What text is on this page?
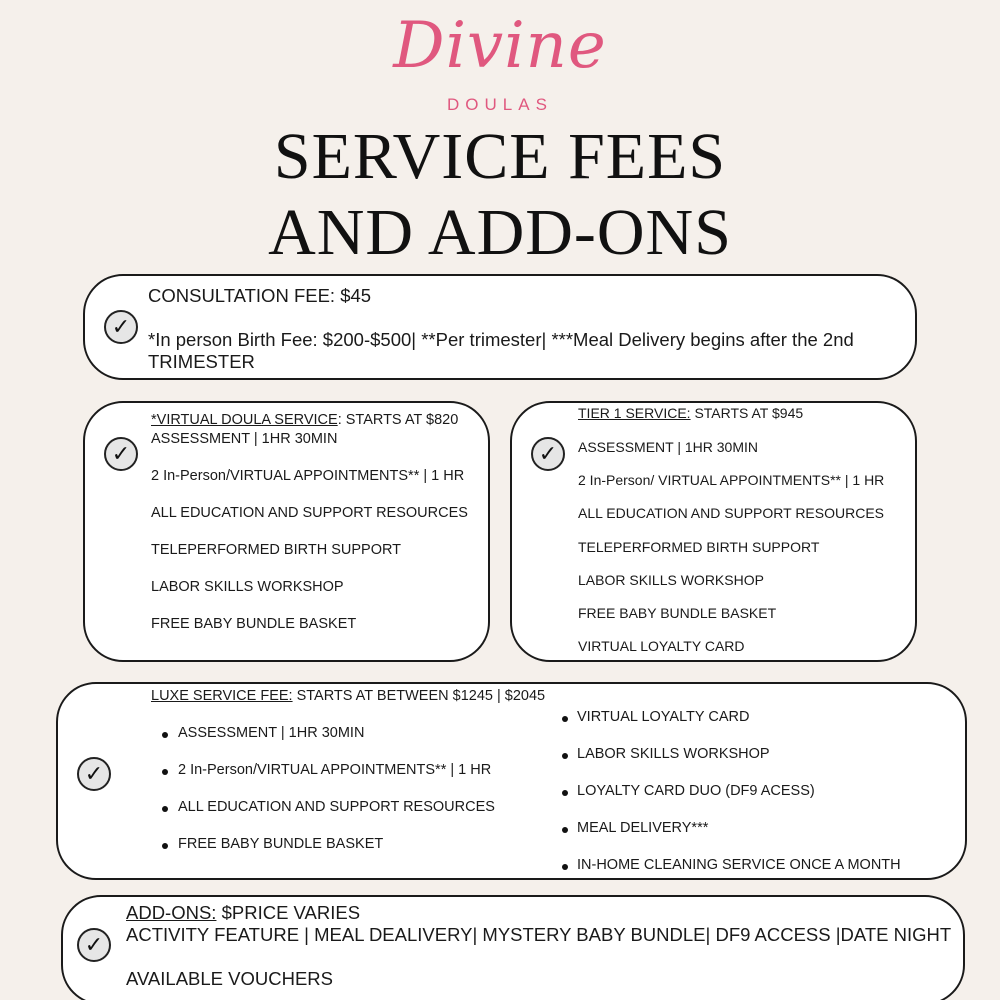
Divine
DOULAS
SERVICE FEES
AND ADD-ONS
✓
CONSULTATION FEE: $45
*In person Birth Fee: $200-$500| **Per trimester| ***Meal Delivery begins after the 2nd
TRIMESTER
✓
*VIRTUAL DOULA SERVICE: STARTS AT $820
ASSESSMENT | 1HR 30MIN
2 In-Person/VIRTUAL APPOINTMENTS** | 1 HR
ALL EDUCATION AND SUPPORT RESOURCES
TELEPERFORMED BIRTH SUPPORT
LABOR SKILLS WORKSHOP
FREE BABY BUNDLE BASKET
✓
TIER 1 SERVICE: STARTS AT $945
ASSESSMENT | 1HR 30MIN
2 In-Person/ VIRTUAL APPOINTMENTS** | 1 HR
ALL EDUCATION AND SUPPORT RESOURCES
TELEPERFORMED BIRTH SUPPORT
LABOR SKILLS WORKSHOP
FREE BABY BUNDLE BASKET
VIRTUAL LOYALTY CARD
✓
LUXE SERVICE FEE: STARTS AT BETWEEN $1245 | $2045
ASSESSMENT | 1HR 30MIN
2 In-Person/VIRTUAL APPOINTMENTS** | 1 HR
ALL EDUCATION AND SUPPORT RESOURCES
FREE BABY BUNDLE BASKET
VIRTUAL LOYALTY CARD
LABOR SKILLS WORKSHOP
LOYALTY CARD DUO (DF9 ACESS)
MEAL DELIVERY***
IN-HOME CLEANING SERVICE ONCE A MONTH
✓
ADD-ONS: $PRICE VARIES
ACTIVITY FEATURE | MEAL DEALIVERY| MYSTERY BABY BUNDLE| DF9 ACCESS |DATE NIGHT
AVAILABLE VOUCHERS
